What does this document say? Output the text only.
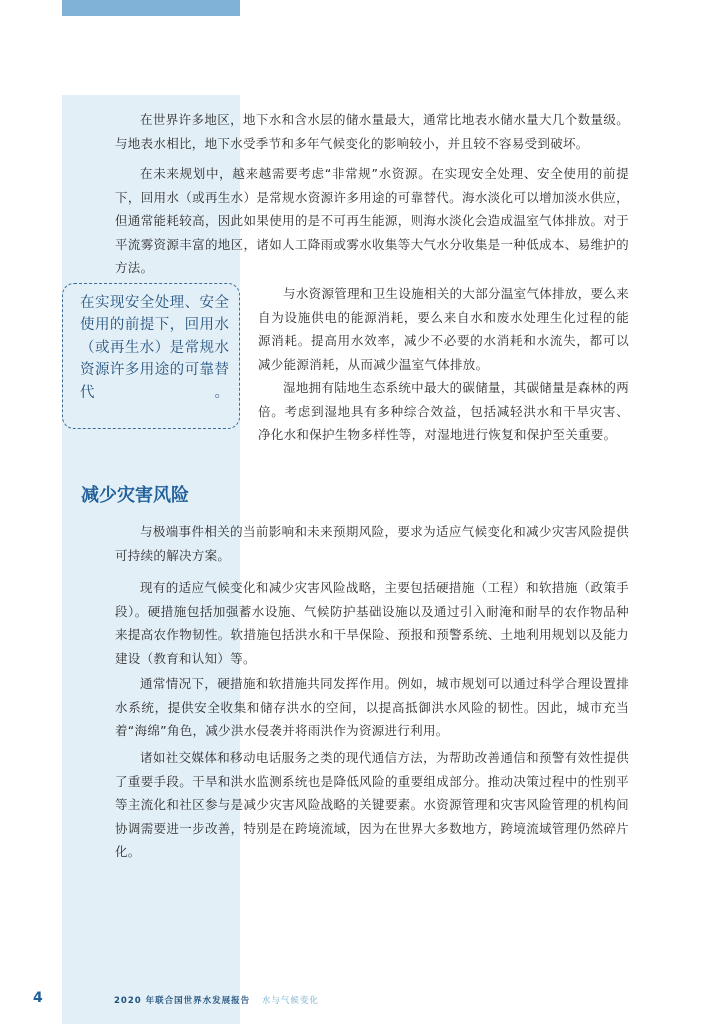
在世界许多地区，地下水和含水层的储水量最大，通常比地表水储水量大几个数量级。与地表水相比，地下水受季节和多年气候变化的影响较小，并且较不容易受到破坏。

在未来规划中，越来越需要考虑“非常规”水资源。在实现安全处理、安全使用的前提下，回用水（或再生水）是常规水资源许多用途的可靠替代。海水淡化可以增加淡水供应，但通常能耗较高，因此如果使用的是不可再生能源，则海水淡化会造成温室气体排放。对于平流雾资源丰富的地区，诸如人工降雨或雾水收集等大气水分收集是一种低成本、易维护的方法。

在实现安全处理、安全使用的前提下，回用水（或再生水）是常规水资源许多用途的可靠替代。

与水资源管理和卫生设施相关的大部分温室气体排放，要么来自为设施供电的能源消耗，要么来自水和废水处理生化过程的能源消耗。提高用水效率，减少不必要的水消耗和水流失，都可以减少能源消耗，从而减少温室气体排放。

湿地拥有陆地生态系统中最大的碳储量，其碳储量是森林的两倍。考虑到湿地具有多种综合效益，包括减轻洪水和干旱灾害、净化水和保护生物多样性等，对湿地进行恢复和保护至关重要。

减少灾害风险

与极端事件相关的当前影响和未来预期风险，要求为适应气候变化和减少灾害风险提供可持续的解决方案。

现有的适应气候变化和减少灾害风险战略，主要包括硬措施（工程）和软措施（政策手段）。硬措施包括加强蓄水设施、气候防护基础设施以及通过引入耐淹和耐旱的农作物品种来提高农作物韧性。软措施包括洪水和干旱保险、预报和预警系统、土地利用规划以及能力建设（教育和认知）等。

通常情况下，硬措施和软措施共同发挥作用。例如，城市规划可以通过科学合理设置排水系统，提供安全收集和储存洪水的空间，以提高抵御洪水风险的韧性。因此，城市充当着“海绵”角色，减少洪水侵袭并将雨洪作为资源进行利用。

诸如社交媒体和移动电话服务之类的现代通信方法，为帮助改善通信和预警有效性提供了重要手段。干旱和洪水监测系统也是降低风险的重要组成部分。推动决策过程中的性别平等主流化和社区参与是减少灾害风险战略的关键要素。水资源管理和灾害风险管理的机构间协调需要进一步改善，特别是在跨境流域，因为在世界大多数地方，跨境流域管理仍然碎片化。

4	2020 年联合国世界水发展报告 水与气候变化
